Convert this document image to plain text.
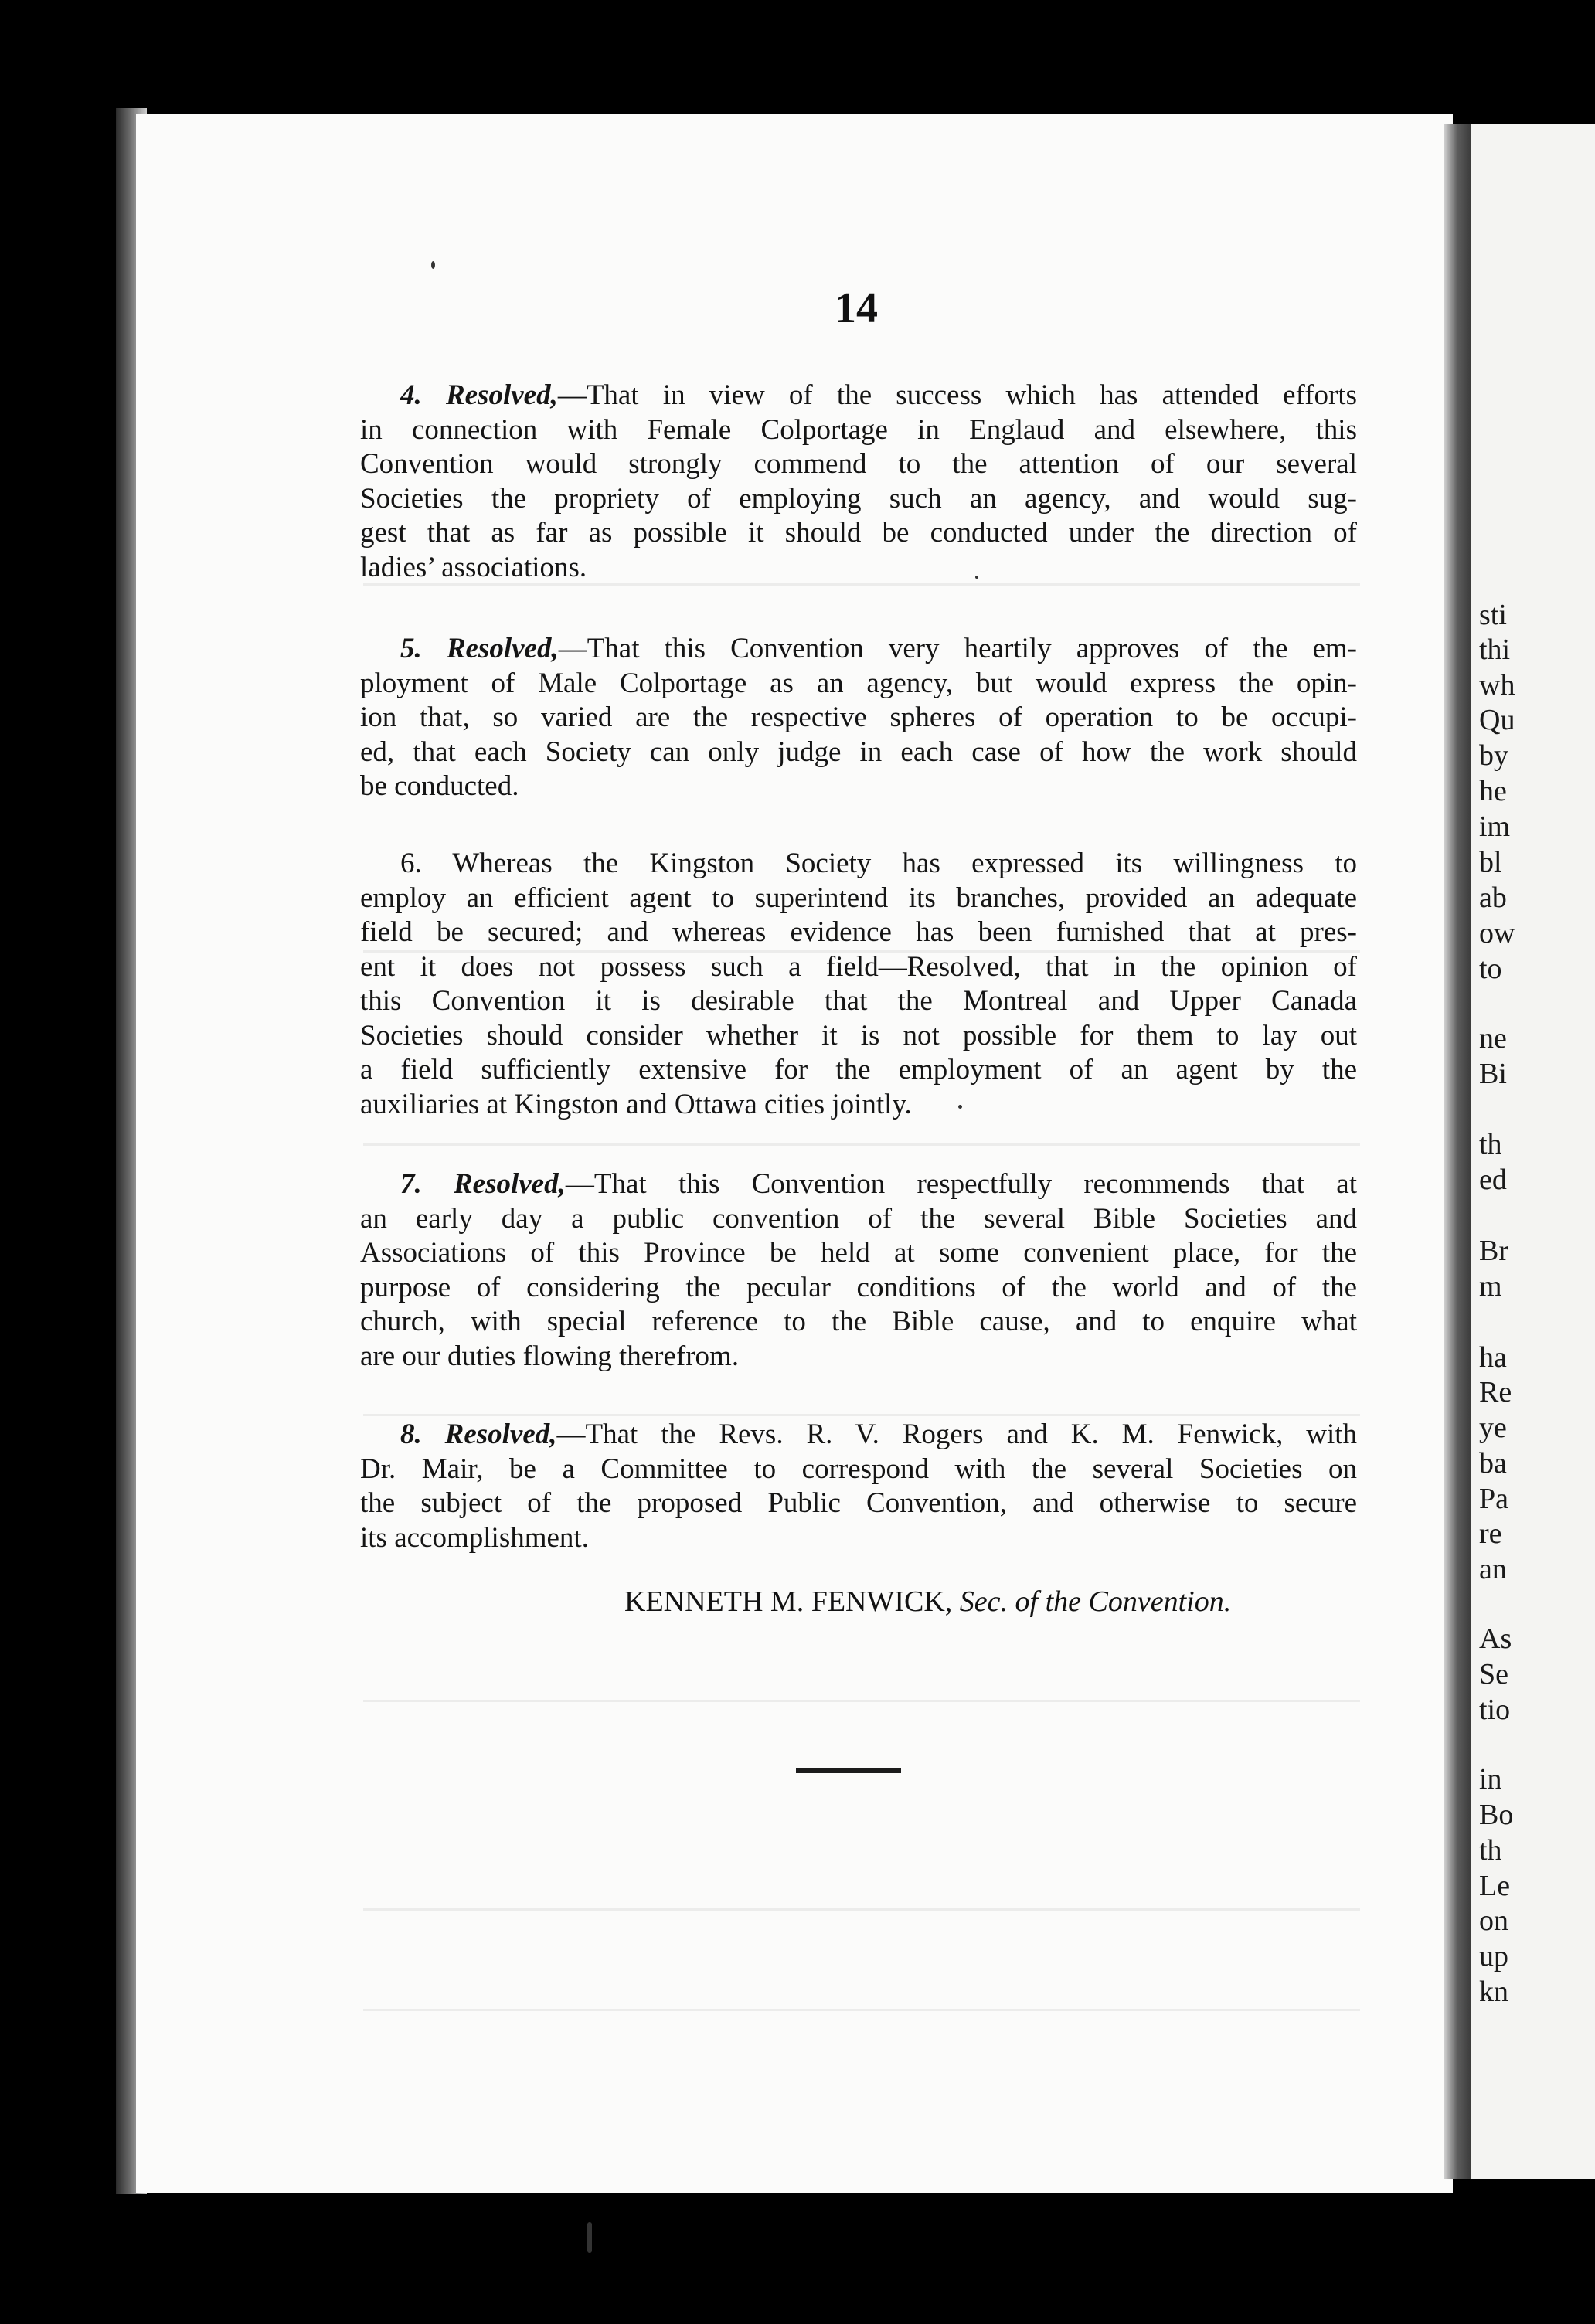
14
4. Resolved,—That in view of the success which has attended efforts
in connection with Female Colportage in Englaud and elsewhere, this
Convention would strongly commend to the attention of our several
Societies the propriety of employing such an agency, and would sug-
gest that as far as possible it should be conducted under the direction of
ladies’ associations.
5. Resolved,—That this Convention very heartily approves of the em-
ployment of Male Colportage as an agency, but would express the opin-
ion that, so varied are the respective spheres of operation to be occupi-
ed, that each Society can only judge in each case of how the work should
be conducted.
6. Whereas the Kingston Society has expressed its willingness to
employ an efficient agent to superintend its branches, provided an adequate
field be secured; and whereas evidence has been furnished that at pres-
ent it does not possess such a field—Resolved, that in the opinion of
this Convention it is desirable that the Montreal and Upper Canada
Societies should consider whether it is not possible for them to lay out
a field sufficiently extensive for the employment of an agent by the
auxiliaries at Kingston and Ottawa cities jointly.
7. Resolved,—That this Convention respectfully recommends that at
an early day a public convention of the several Bible Societies and
Associations of this Province be held at some convenient place, for the
purpose of considering the pecular conditions of the world and of the
church, with special reference to the Bible cause, and to enquire what
are our duties flowing therefrom.
8. Resolved,—That the Revs. R. V. Rogers and K. M. Fenwick, with
Dr. Mair, be a Committee to correspond with the several Societies on
the subject of the proposed Public Convention, and otherwise to secure
its accomplishment.
KENNETH M. FENWICK, Sec. of the Convention.
sti
thi
wh
Qu
by
he
im
bl
ab
ow
to
ne
Bi
th
ed
Br
m
ha
Re
ye
ba
Pa
re
an
As
Se
tio
in
Bo
th
Le
on
up
kn
